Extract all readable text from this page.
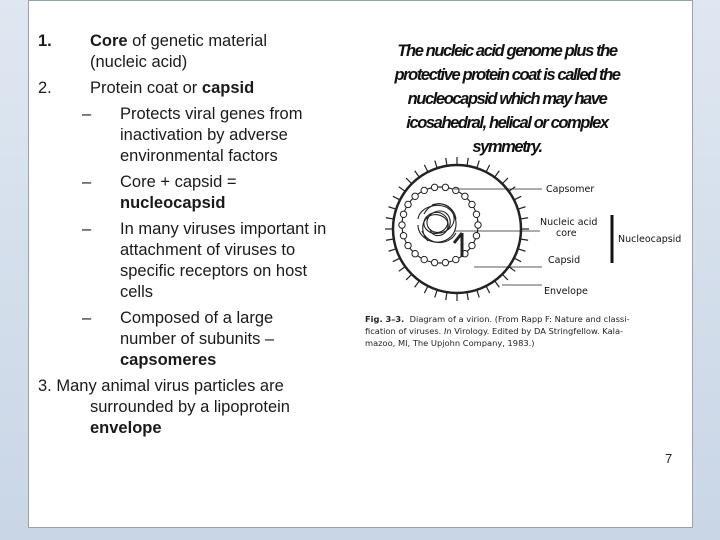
1. Core of genetic material
(nucleic acid)
2. Protein coat or capsid
– Protects viral genes from
inactivation by adverse
environmental factors
– Core + capsid =
nucleocapsid
– In many viruses important in
attachment of viruses to
specific receptors on host
cells
– Composed of a large
number of subunits –
capsomeres
3. Many animal virus particles are
surrounded by a lipoprotein
envelope
The nucleic acid genome plus the
protective protein coat is called the
nucleocapsid which may have
icosahedral, helical or complex
symmetry.
Capsomer
Nucleic acid
core
Nucleocapsid
Capsid
Envelope
Fig. 3–3. Diagram of a virion. (From Rapp F: Nature and classi-
fication of viruses. In Virology. Edited by DA Stringfellow. Kala-
mazoo, MI, The Upjohn Company, 1983.)
7
